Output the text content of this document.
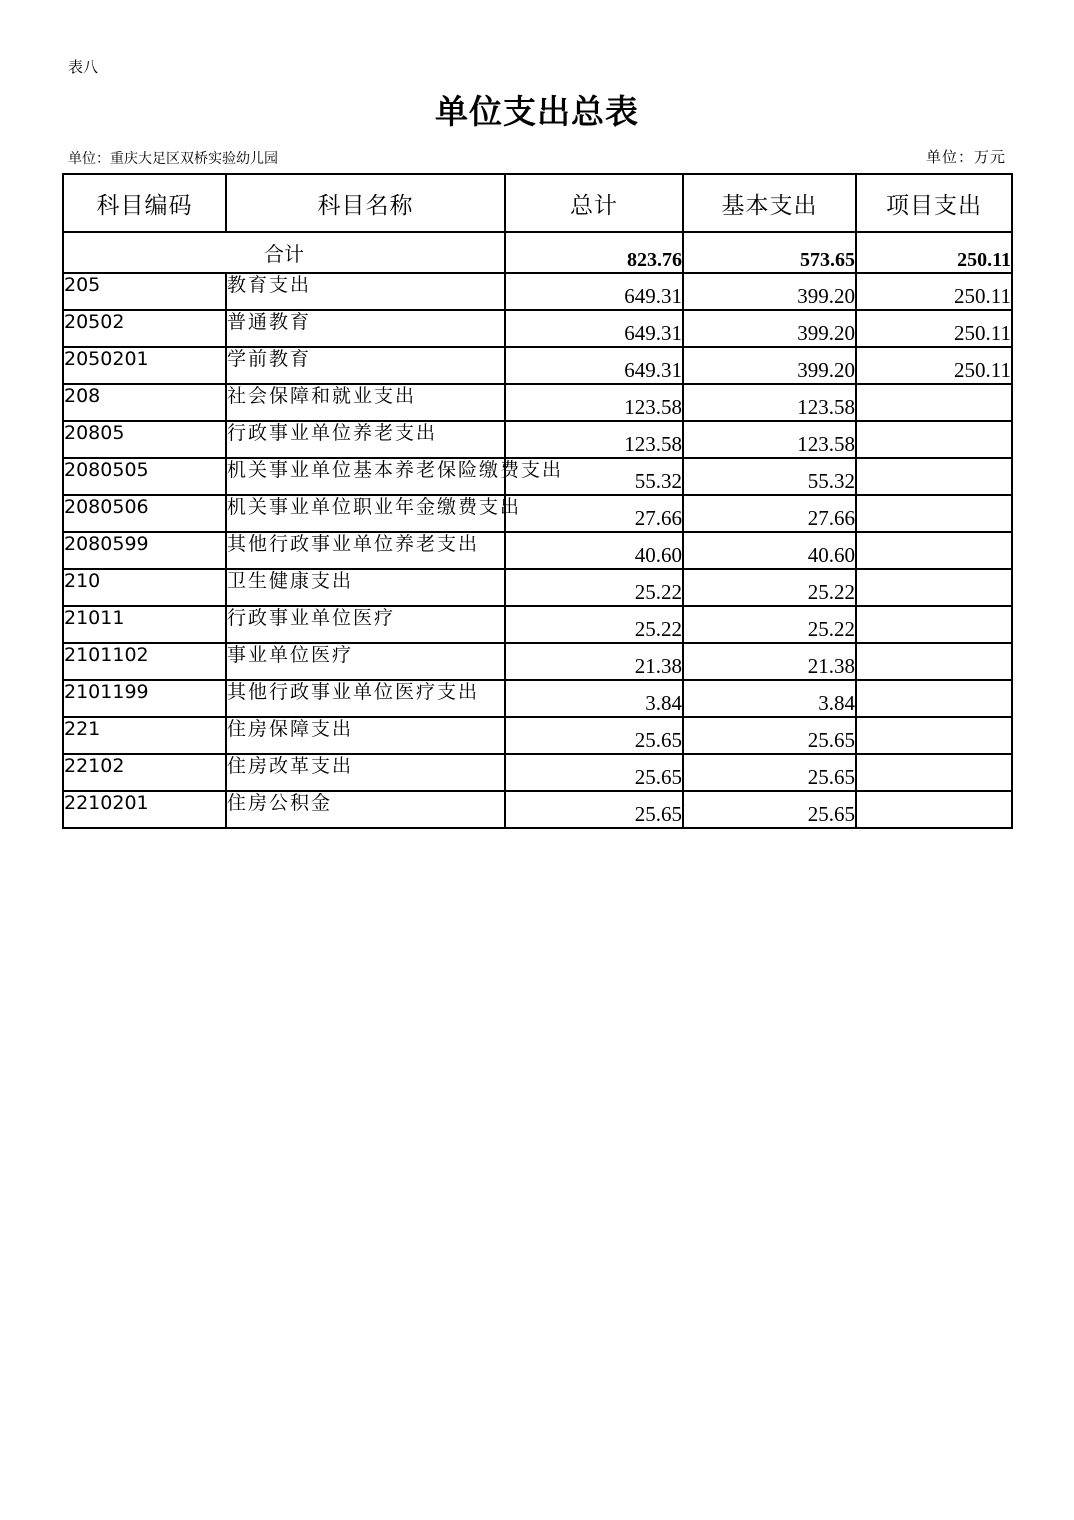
表八
单位支出总表
单位：重庆大足区双桥实验幼儿园	单位：万元
科目编码	科目名称	总计	基本支出	项目支出
合计		823.76	573.65	250.11
205	教育支出	649.31	399.20	250.11
20502	普通教育	649.31	399.20	250.11
2050201	学前教育	649.31	399.20	250.11
208	社会保障和就业支出	123.58	123.58	
20805	行政事业单位养老支出	123.58	123.58	
2080505	机关事业单位基本养老保险缴费支出	55.32	55.32	
2080506	机关事业单位职业年金缴费支出	27.66	27.66	
2080599	其他行政事业单位养老支出	40.60	40.60	
210	卫生健康支出	25.22	25.22	
21011	行政事业单位医疗	25.22	25.22	
2101102	事业单位医疗	21.38	21.38	
2101199	其他行政事业单位医疗支出	3.84	3.84	
221	住房保障支出	25.65	25.65	
22102	住房改革支出	25.65	25.65	
2210201	住房公积金	25.65	25.65	
